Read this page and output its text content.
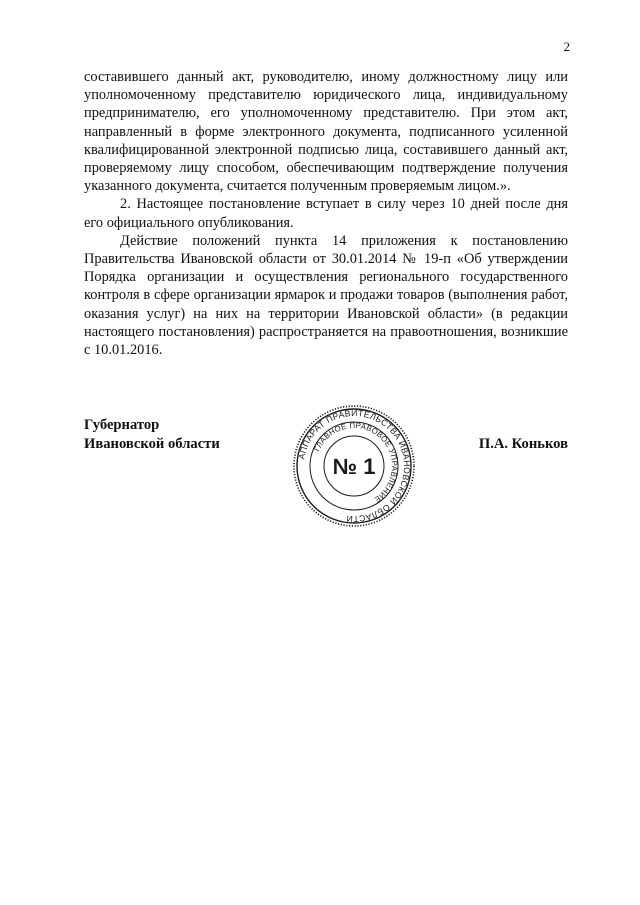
2

составившего данный акт, руководителю, иному должностному лицу или уполномоченному представителю юридического лица, индивидуальному предпринимателю, его уполномоченному представителю. При этом акт, направленный в форме электронного документа, подписанного усиленной квалифицированной электронной подписью лица, составившего данный акт, проверяемому лицу способом, обеспечивающим подтверждение получения указанного документа, считается полученным проверяемым лицом.».

2. Настоящее постановление вступает в силу через 10 дней после дня его официального опубликования.

Действие положений пункта 14 приложения к постановлению Правительства Ивановской области от 30.01.2014 № 19-п «Об утверждении Порядка организации и осуществления регионального государственного контроля в сфере организации ярмарок и продажи товаров (выполнения работ, оказания услуг) на них на территории Ивановской области» (в редакции настоящего постановления) распространяется на правоотношения, возникшие с 10.01.2016.

Губернатор
Ивановской области	П.А. Коньков
АППАРАТ ПРАВИТЕЛЬСТВА ИВАНОВСКОЙ ОБЛАСТИ
ГЛАВНОЕ ПРАВОВОЕ УПРАВЛЕНИЕ
№ 1
